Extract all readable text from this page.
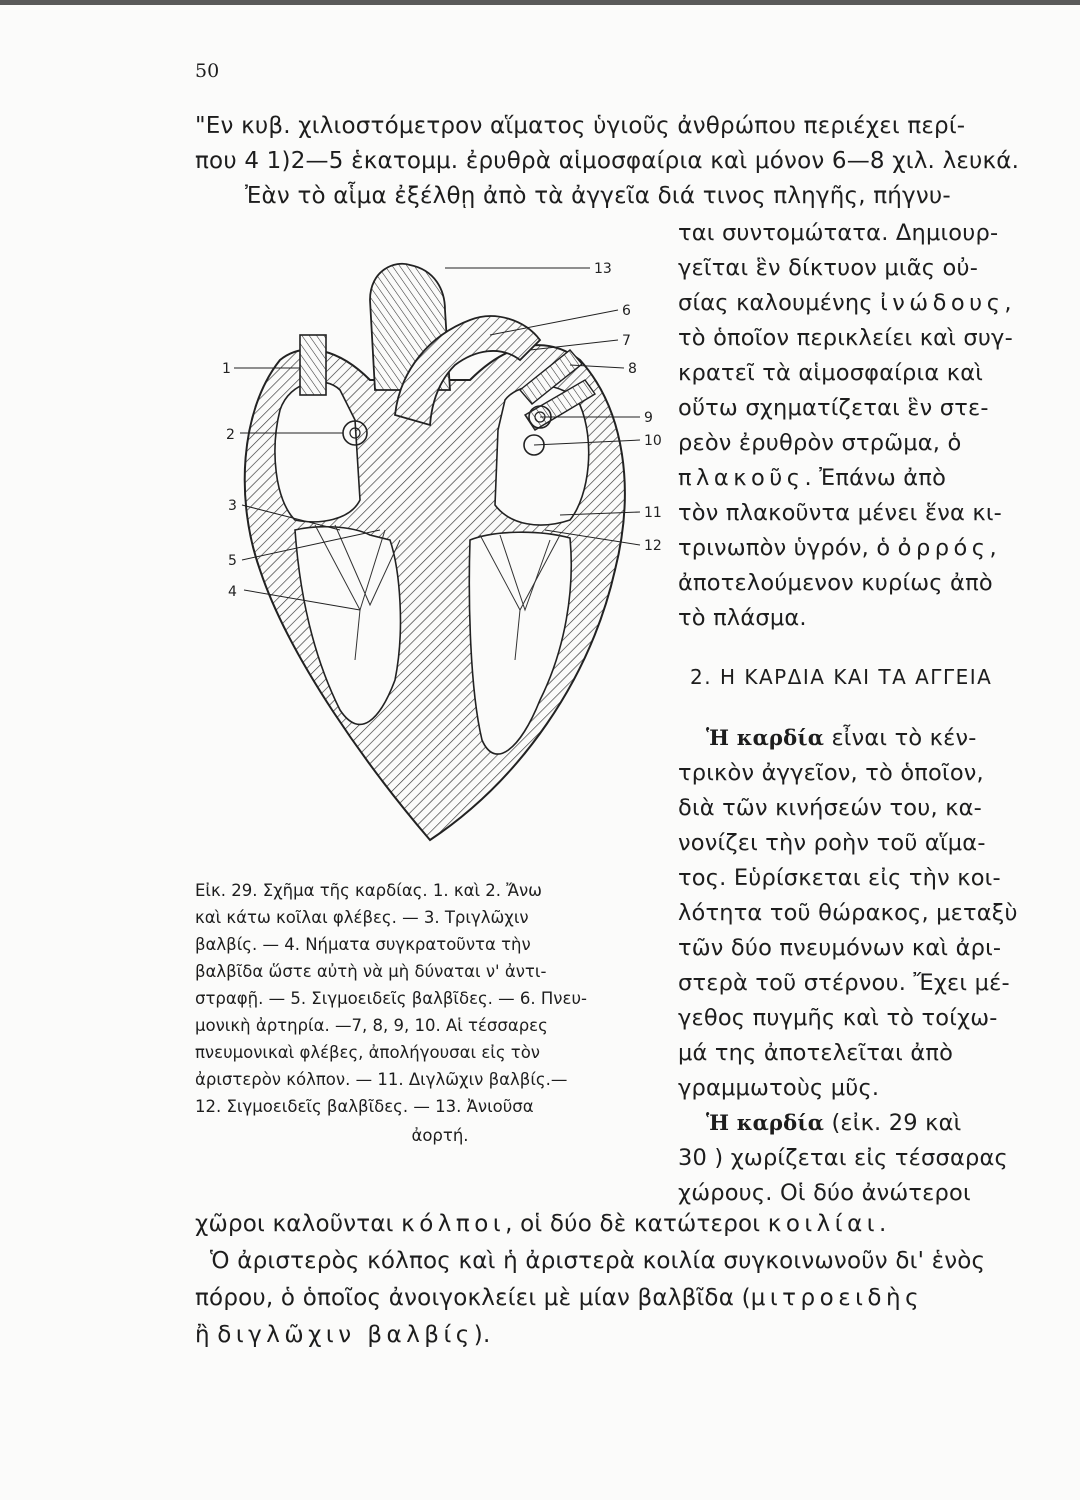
50
"Εν κυβ. χιλιοστόμετρον αἵματος ὑγιοῦς ἀνθρώπου περιέχει περί-
που 4 1)2—5 ἑκατομμ. ἐρυθρὰ αἱμοσφαίρια καὶ μόνον 6—8 χιλ. λευκά.
Ἐὰν τὸ αἷμα ἐξέλθῃ ἀπὸ τὰ ἀγγεῖα διά τινος πληγῆς, πήγνυ-
ται συντομώτατα. Δημιουρ-
γεῖται ἓν δίκτυον μιᾶς οὐ-
σίας καλουμένης ἰνώδους,
τὸ ὁποῖον περικλείει καὶ συγ-
κρατεῖ τὰ αἱμοσφαίρια καὶ
οὕτω σχηματίζεται ἓν στε-
ρεὸν ἐρυθρὸν στρῶμα, ὁ
πλακοῦς. Ἐπάνω ἀπὸ
τὸν πλακοῦντα μένει ἕνα κι-
τρινωπὸν ὑγρόν, ὁ ὀρρός,
ἀποτελούμενον κυρίως ἀπὸ
τὸ πλάσμα.
2. Η ΚΑΡΔΙΑ ΚΑΙ ΤΑ ΑΓΓΕΙΑ
Ἡ καρδία εἶναι τὸ κέν-
τρικὸν ἀγγεῖον, τὸ ὁποῖον,
διὰ τῶν κινήσεών του, κα-
νονίζει τὴν ροὴν τοῦ αἵμα-
τος. Εὑρίσκεται εἰς τὴν κοι-
λότητα τοῦ θώρακος, μεταξὺ
τῶν δύο πνευμόνων καὶ ἀρι-
στερὰ τοῦ στέρνου. Ἔχει μέ-
γεθος πυγμῆς καὶ τὸ τοίχω-
μά της ἀποτελεῖται ἀπὸ
γραμμωτοὺς μῦς.
Ἡ καρδία (εἰκ. 29 καὶ
30 ) χωρίζεται εἰς τέσσαρας
χώρους. Οἱ δύο ἀνώτεροι
Εἰκ. 29. Σχῆμα τῆς καρδίας. 1. καὶ 2. Ἄνω
καὶ κάτω κοῖλαι φλέβες. — 3. Τριγλῶχιν
βαλβίς. — 4. Νήματα συγκρατοῦντα τὴν
βαλβῖδα ὥστε αὐτὴ νὰ μὴ δύναται ν' ἀντι-
στραφῇ. — 5. Σιγμοειδεῖς βαλβῖδες. — 6. Πνευ-
μονικὴ ἀρτηρία. —7, 8, 9, 10. Αἱ τέσσαρες
πνευμονικαὶ φλέβες, ἀπολήγουσαι εἰς τὸν
ἀριστερὸν κόλπον. — 11. Διγλῶχιν βαλβίς.—
12. Σιγμοειδεῖς βαλβῖδες. — 13. Ἀνιοῦσα
ἀορτή.
χῶροι καλοῦνται κόλποι, οἱ δύο δὲ κατώτεροι κοιλίαι.
Ὁ ἀριστερὸς κόλπος καὶ ἡ ἀριστερὰ κοιλία συγκοινωνοῦν δι' ἑνὸς
πόρου, ὁ ὁποῖος ἀνοιγοκλείει μὲ μίαν βαλβῖδα (μιτροειδὴς
ἢ διγλῶχιν βαλβίς).
1
2
3
4
5
6
7
8
9
10
11
12
13
